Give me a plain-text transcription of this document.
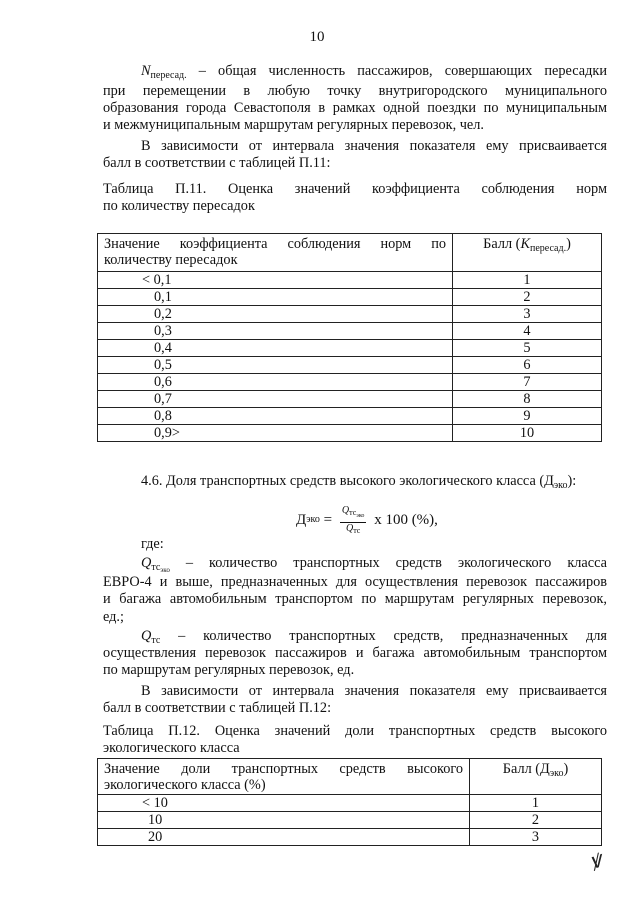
10
$N_{пересад.}$ – общая численность пассажиров, совершающих пересадки
при перемещении в любую точку внутригородского муниципального
образования города Севастополя в рамках одной поездки по муниципальным
и межмуниципальным маршрутам регулярных перевозок, чел.
В зависимости от интервала значения показателя ему присваивается
балл в соответствии с таблицей П.11:
Таблица П.11. Оценка значений коэффициента соблюдения норм
по количеству пересадок
Значение коэффициента соблюдения норм по
количеству пересадок	Балл $(K_{пересад.})$
< 0,1	1
0,1	2
0,2	3
0,3	4
0,4	5
0,5	6
0,6	7
0,7	8
0,8	9
0,9>	10
4.6. Доля транспортных средств высокого экологического класса $(Д_{эко})$:
Д эко = $\frac{Q_{тсэко}}{Q_{тс}}$ х 100 (%),
где:
$Q_{тс_{эко}}$ – количество транспортных средств экологического класса
ЕВРО-4 и выше, предназначенных для осуществления перевозок пассажиров
и багажа автомобильным транспортом по маршрутам регулярных перевозок,
ед.;
$Q_{тс}$ – количество транспортных средств, предназначенных для
осуществления перевозок пассажиров и багажа автомобильным транспортом
по маршрутам регулярных перевозок, ед.
В зависимости от интервала значения показателя ему присваивается
балл в соответствии с таблицей П.12:
Таблица П.12. Оценка значений доли транспортных средств высокого
экологического класса
Значение доли транспортных средств высокого
экологического класса (%)	Балл $(Д_{эко})$
< 10	1
10	2
20	3
ꝟ
